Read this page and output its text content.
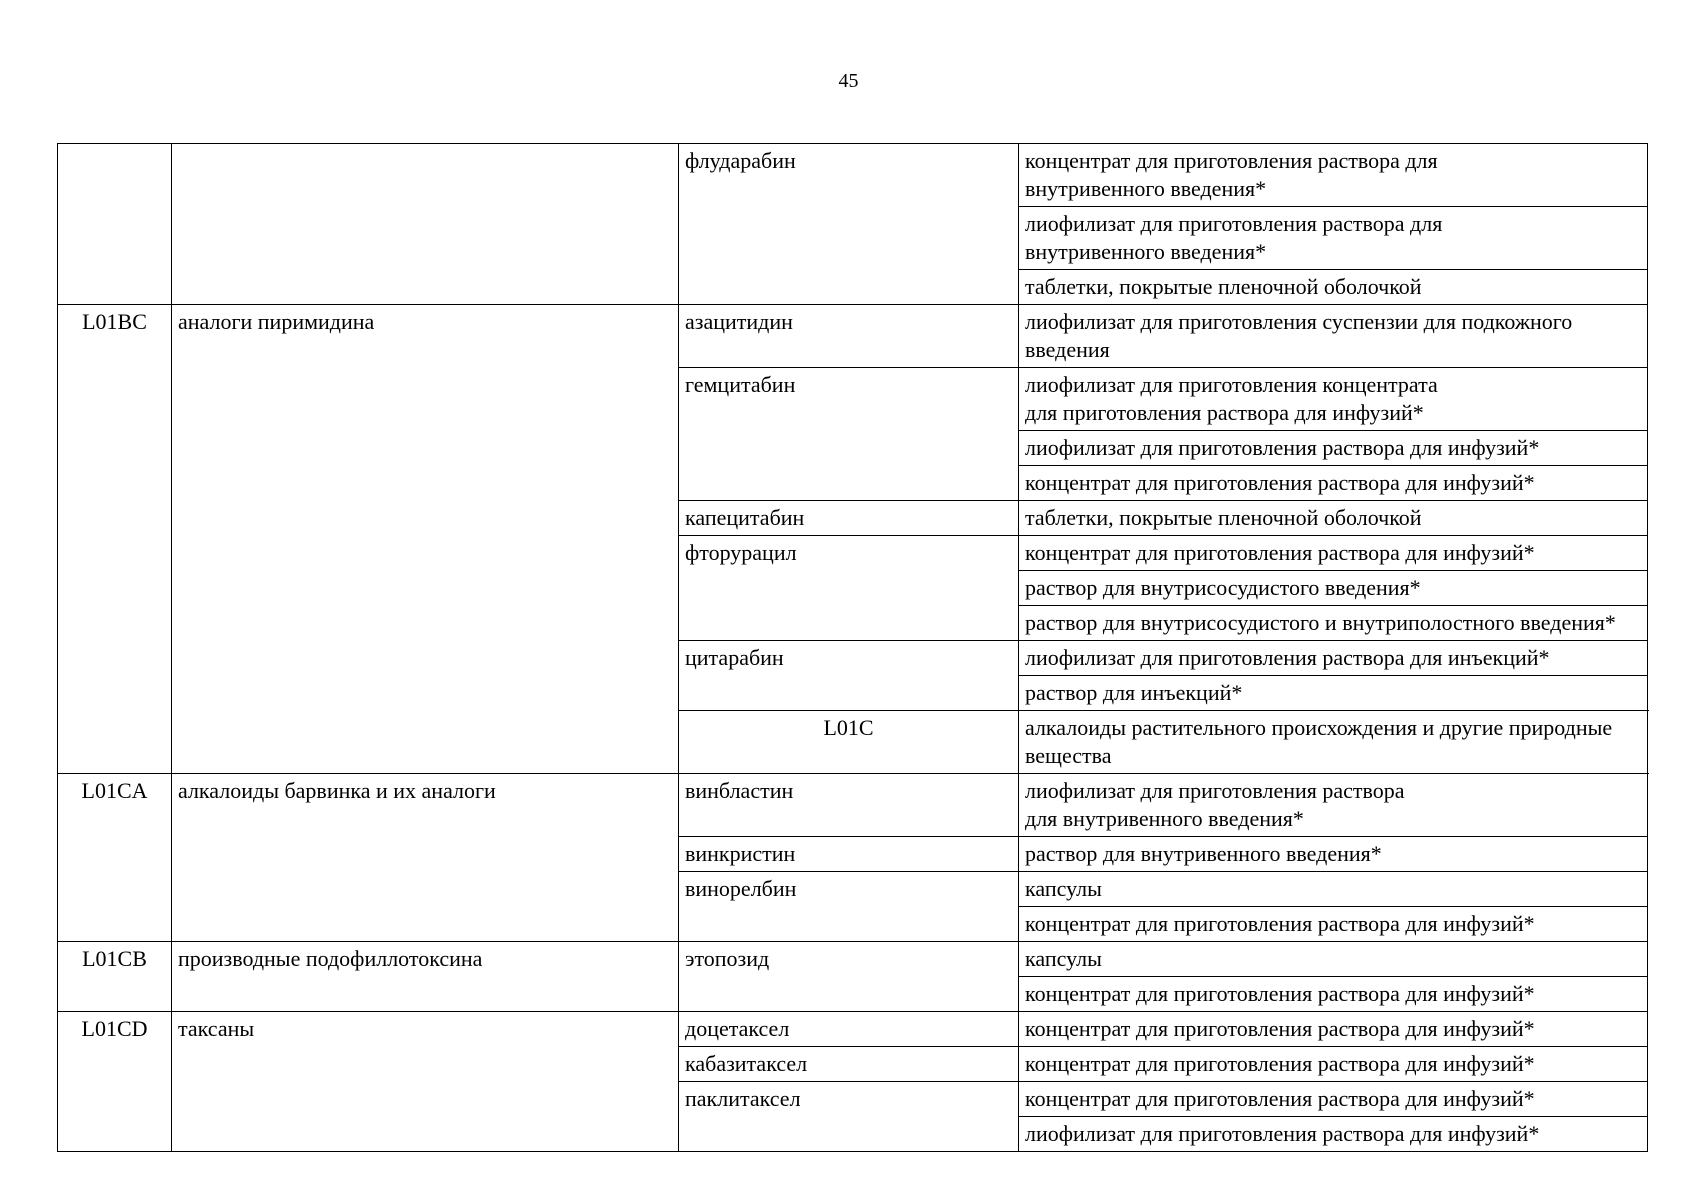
45
		флударабин	концентрат для приготовления раствора для
внутривенного введения*
			лиофилизат для приготовления раствора для
внутривенного введения*
			таблетки, покрытые пленочной оболочкой
L01BC	аналоги пиримидина	азацитидин	лиофилизат для приготовления суспензии для подкожного введения
		гемцитабин	лиофилизат для приготовления концентрата
для приготовления раствора для инфузий*
			лиофилизат для приготовления раствора для инфузий*
			концентрат для приготовления раствора для инфузий*
		капецитабин	таблетки, покрытые пленочной оболочкой
		фторурацил	концентрат для приготовления раствора для инфузий*
			раствор для внутрисосудистого введения*
			раствор для внутрисосудистого и внутриполостного введения*
		цитарабин	лиофилизат для приготовления раствора для инъекций*
			раствор для инъекций*
		L01C	алкалоиды растительного происхождения и другие природные вещества
L01CA	алкалоиды барвинка и их аналоги	винбластин	лиофилизат для приготовления раствора
для внутривенного введения*
		винкристин	раствор для внутривенного введения*
		винорелбин	капсулы
			концентрат для приготовления раствора для инфузий*
L01CB	производные подофиллотоксина	этопозид	капсулы
			концентрат для приготовления раствора для инфузий*
L01CD	таксаны	доцетаксел	концентрат для приготовления раствора для инфузий*
		кабазитаксел	концентрат для приготовления раствора для инфузий*
		паклитаксел	концентрат для приготовления раствора для инфузий*
			лиофилизат для приготовления раствора для инфузий*
